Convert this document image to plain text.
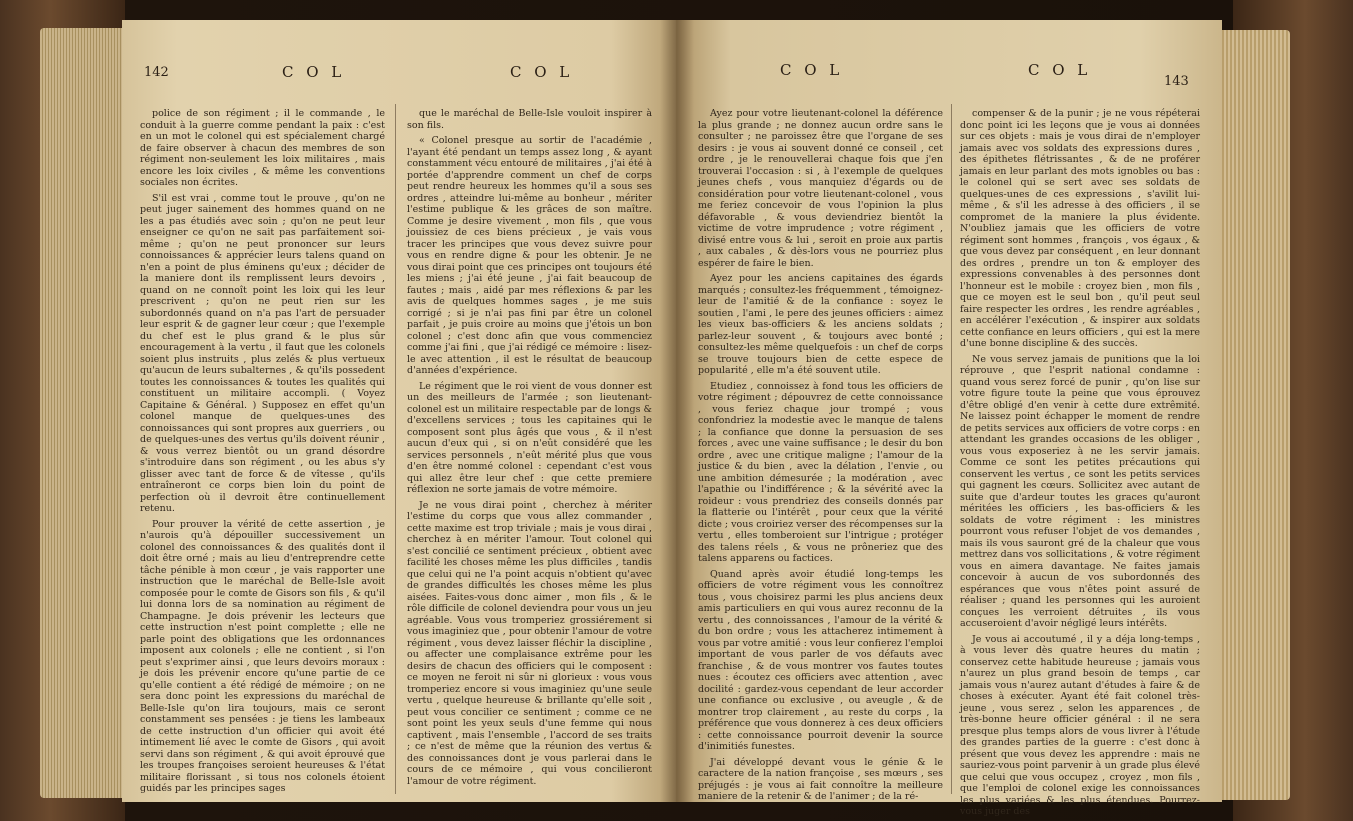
142	C O L	C O L

police de son régiment ; il le commande , le conduit à la guerre comme pendant la paix : c'est en un mot le colonel qui est spécialement chargé de faire observer à chacun des membres de son régiment non-seulement les loix militaires , mais encore les loix civiles , & même les conventions sociales non écrites.

S'il est vrai , comme tout le prouve , qu'on ne peut juger sainement des hommes quand on ne les a pas étudiés avec soin ; qu'on ne peut leur enseigner ce qu'on ne sait pas parfaitement soi-même ; qu'on ne peut prononcer sur leurs connoissances & apprécier leurs talens quand on n'en a point de plus éminens qu'eux ; décider de la maniere dont ils remplissent leurs devoirs , quand on ne connoît point les loix qui les leur prescrivent ; qu'on ne peut rien sur les subordonnés quand on n'a pas l'art de persuader leur esprit & de gagner leur cœur ; que l'exemple du chef est le plus grand & le plus sûr encouragement à la vertu , il faut que les colonels soient plus instruits , plus zelés & plus vertueux qu'aucun de leurs subalternes , & qu'ils possedent toutes les connoissances & toutes les qualités qui constituent un militaire accompli. ( Voyez Capitaine & Général. ) Supposez en effet qu'un colonel manque de quelques-unes des connoissances qui sont propres aux guerriers , ou de quelques-unes des vertus qu'ils doivent réunir , & vous verrez bientôt ou un grand désordre s'introduire dans son régiment , ou les abus s'y glisser avec tant de force & de vîtesse , qu'ils entraîneront ce corps bien loin du point de perfection où il devroit être continuellement retenu.

Pour prouver la vérité de cette assertion , je n'aurois qu'à dépouiller successivement un colonel des connoissances & des qualités dont il doit être orné ; mais au lieu d'entreprendre cette tâche pénible à mon cœur , je vais rapporter une instruction que le maréchal de Belle-Isle avoit composée pour le comte de Gisors son fils , & qu'il lui donna lors de sa nomination au régiment de Champagne. Je dois prévenir les lecteurs que cette instruction n'est point complette ; elle ne parle point des obligations que les ordonnances imposent aux colonels ; elle ne contient , si l'on peut s'exprimer ainsi , que leurs devoirs moraux : je dois les prévenir encore qu'une partie de ce qu'elle contient a été rédigé de mémoire ; on ne sera donc point les expressions du maréchal de Belle-Isle qu'on lira toujours, mais ce seront constamment ses pensées : je tiens les lambeaux de cette instruction d'un officier qui avoit été intimement lié avec le comte de Gisors , qui avoit servi dans son régiment , & qui avoit éprouvé que les troupes françoises seroient heureuses & l'état militaire florissant , si tous nos colonels étoient guidés par les principes sages

que le maréchal de Belle-Isle vouloit inspirer à son fils.

« Colonel presque au sortir de l'académie , l'ayant été pendant un temps assez long , & ayant constamment vécu entouré de militaires , j'ai été à portée d'apprendre comment un chef de corps peut rendre heureux les hommes qu'il a sous ses ordres , atteindre lui-même au bonheur , mériter l'estime publique & les grâces de son maître. Comme je desire vivement , mon fils , que vous jouissiez de ces biens précieux , je vais vous tracer les principes que vous devez suivre pour vous en rendre digne & pour les obtenir. Je ne vous dirai point que ces principes ont toujours été les miens ; j'ai été jeune , j'ai fait beaucoup de fautes ; mais , aidé par mes réflexions & par les avis de quelques hommes sages , je me suis corrigé ; si je n'ai pas fini par être un colonel parfait , je puis croire au moins que j'étois un bon colonel ; c'est donc afin que vous commenciez comme j'ai fini , que j'ai rédigé ce mémoire : lisez-le avec attention , il est le résultat de beaucoup d'années d'expérience.

Le régiment que le roi vient de vous donner est un des meilleurs de l'armée ; son lieutenant-colonel est un militaire respectable par de longs & d'excellens services ; tous les capitaines qui le composent sont plus âgés que vous , & il n'est aucun d'eux qui , si on n'eût considéré que les services personnels , n'eût mérité plus que vous d'en être nommé colonel : cependant c'est vous qui allez être leur chef : que cette premiere réflexion ne sorte jamais de votre mémoire.

Je ne vous dirai point , cherchez à mériter l'estime du corps que vous allez commander , cette maxime est trop triviale ; mais je vous dirai , cherchez à en mériter l'amour. Tout colonel qui s'est concilié ce sentiment précieux , obtient avec facilité les choses même les plus difficiles , tandis que celui qui ne l'a point acquis n'obtient qu'avec de grandes difficultés les choses même les plus aisées. Faites-vous donc aimer , mon fils , & le rôle difficile de colonel deviendra pour vous un jeu agréable. Vous vous tromperiez grossiérement si vous imaginiez que , pour obtenir l'amour de votre régiment , vous devez laisser fléchir la discipline , ou affecter une complaisance extrême pour les desirs de chacun des officiers qui le composent : ce moyen ne feroit ni sûr ni glorieux : vous vous tromperiez encore si vous imaginiez qu'une seule vertu , quelque heureuse & brillante qu'elle soit , peut vous concilier ce sentiment ; comme ce ne sont point les yeux seuls d'une femme qui nous captivent , mais l'ensemble , l'accord de ses traits ; ce n'est de même que la réunion des vertus & des connoissances dont je vous parlerai dans le cours de ce mémoire , qui vous concilieront l'amour de votre régiment.

C O L	C O L
143

Ayez pour votre lieutenant-colonel la déférence la plus grande ; ne donnez aucun ordre sans le consulter ; ne paroissez être que l'organe de ses desirs : je vous ai souvent donné ce conseil , cet ordre , je le renouvellerai chaque fois que j'en trouverai l'occasion : si , à l'exemple de quelques jeunes chefs , vous manquiez d'égards ou de considération pour votre lieutenant-colonel , vous me feriez concevoir de vous l'opinion la plus défavorable , & vous deviendriez bientôt la victime de votre imprudence ; votre régiment , divisé entre vous & lui , seroit en proie aux partis , aux cabales , & dès-lors vous ne pourriez plus espérer de faire le bien.

Ayez pour les anciens capitaines des égards marqués ; consultez-les fréquemment , témoignez-leur de l'amitié & de la confiance : soyez le soutien , l'ami , le pere des jeunes officiers : aimez les vieux bas-officiers & les anciens soldats ; parlez-leur souvent , & toujours avec bonté ; consultez-les même quelquefois : un chef de corps se trouve toujours bien de cette espece de popularité , elle m'a été souvent utile.

Etudiez , connoissez à fond tous les officiers de votre régiment ; dépouvrez de cette connoissance , vous feriez chaque jour trompé ; vous confondriez la modestie avec le manque de talens ; la confiance que donne la persuasion de ses forces , avec une vaine suffisance ; le desir du bon ordre , avec une critique maligne ; l'amour de la justice & du bien , avec la délation , l'envie , ou une ambition démesurée ; la modération , avec l'apathie ou l'indifférence ; & la sévérité avec la roideur : vous prendriez des conseils donnés par la flatterie ou l'intérêt , pour ceux que la vérité dicte ; vous croiriez verser des récompenses sur la vertu , elles tomberoient sur l'intrigue ; protéger des talens réels , & vous ne prôneriez que des talens apparens ou factices.

Quand après avoir étudié long-temps les officiers de votre régiment vous les connoîtrez tous , vous choisirez parmi les plus anciens deux amis particuliers en qui vous aurez reconnu de la vertu , des connoissances , l'amour de la vérité & du bon ordre ; vous les attacherez intimement à vous par votre amitié : vous leur confierez l'emploi important de vous parler de vos défauts avec franchise , & de vous montrer vos fautes toutes nues : écoutez ces officiers avec attention , avec docilité : gardez-vous cependant de leur accorder une confiance ou exclusive , ou aveugle , & de montrer trop clairement , au reste du corps , la préférence que vous donnerez à ces deux officiers : cette connoissance pourroit devenir la source d'inimitiés funestes.

J'ai développé devant vous le génie & le caractere de la nation françoise , ses mœurs , ses préjugés : je vous ai fait connoître la meilleure maniere de la retenir & de l'animer ; de la ré-

compenser & de la punir ; je ne vous répéterai donc point ici les leçons que je vous ai données sur ces objets : mais je vous dirai de n'employer jamais avec vos soldats des expressions dures , des épithetes flétrissantes , & de ne proférer jamais en leur parlant des mots ignobles ou bas : le colonel qui se sert avec ses soldats de quelques-unes de ces expressions , s'avilit lui-même , & s'il les adresse à des officiers , il se compromet de la maniere la plus évidente. N'oubliez jamais que les officiers de votre régiment sont hommes , françois , vos égaux , & que vous devez par conséquent , en leur donnant des ordres , prendre un ton & employer des expressions convenables à des personnes dont l'honneur est le mobile : croyez bien , mon fils , que ce moyen est le seul bon , qu'il peut seul faire respecter les ordres , les rendre agréables , en accélérer l'exécution , & inspirer aux soldats cette confiance en leurs officiers , qui est la mere d'une bonne discipline & des succès.

Ne vous servez jamais de punitions que la loi réprouve , que l'esprit national condamne : quand vous serez forcé de punir , qu'on lise sur votre figure toute la peine que vous éprouvez d'être obligé d'en venir à cette dure extrêmité. Ne laissez point échapper le moment de rendre de petits services aux officiers de votre corps : en attendant les grandes occasions de les obliger , vous vous exposeriez à ne les servir jamais. Comme ce sont les petites précautions qui conservent les vertus , ce sont les petits services qui gagnent les cœurs. Sollicitez avec autant de suite que d'ardeur toutes les graces qu'auront méritées les officiers , les bas-officiers & les soldats de votre régiment : les ministres pourront vous refuser l'objet de vos demandes , mais ils vous sauront gré de la chaleur que vous mettrez dans vos sollicitations , & votre régiment vous en aimera davantage. Ne faites jamais concevoir à aucun de vos subordonnés des espérances que vous n'êtes point assuré de réaliser ; quand les personnes qui les auroient conçues les verroient détruites , ils vous accuseroient d'avoir négligé leurs intérêts.

Je vous ai accoutumé , il y a déja long-temps , à vous lever dès quatre heures du matin ; conservez cette habitude heureuse ; jamais vous n'aurez un plus grand besoin de temps , car jamais vous n'aurez autant d'études à faire & de choses à exécuter. Ayant été fait colonel très-jeune , vous serez , selon les apparences , de très-bonne heure officier général : il ne sera presque plus temps alors de vous livrer à l'étude des grandes parties de la guerre : c'est donc à présent que vous devez les apprendre : mais ne sauriez-vous point parvenir à un grade plus élevé que celui que vous occupez , croyez , mon fils , que l'emploi de colonel exige les connoissances les plus variées & les plus étendues. Pourrez-vous juger des
